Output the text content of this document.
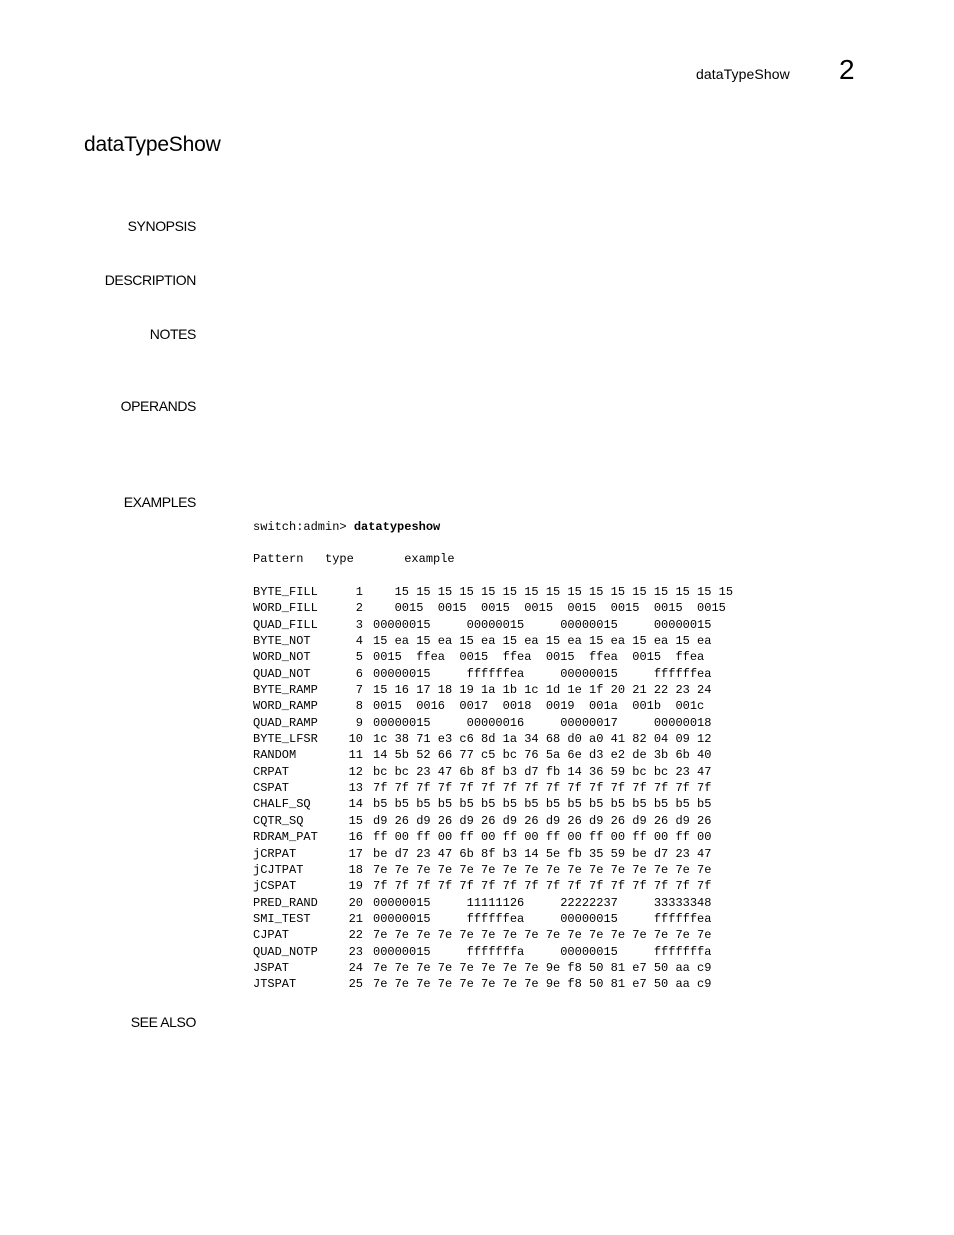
dataTypeShow 2
dataTypeShow
SYNOPSIS
DESCRIPTION
NOTES
OPERANDS
EXAMPLES
SEE ALSO
switch:admin> datatypeshow
Pattern   type       example
BYTE_FILL	1   15 15 15 15 15 15 15 15 15 15 15 15 15 15 15 15
WORD_FILL	2   0015  0015  0015  0015  0015  0015  0015  0015
QUAD_FILL	3 00000015     00000015     00000015     00000015
BYTE_NOT	4 15 ea 15 ea 15 ea 15 ea 15 ea 15 ea 15 ea 15 ea
WORD_NOT	5 0015  ffea  0015  ffea  0015  ffea  0015  ffea
QUAD_NOT	6 00000015     ffffffea     00000015     ffffffea
BYTE_RAMP	7 15 16 17 18 19 1a 1b 1c 1d 1e 1f 20 21 22 23 24
WORD_RAMP	8 0015  0016  0017  0018  0019  001a  001b  001c
QUAD_RAMP	9 00000015     00000016     00000017     00000018
BYTE_LFSR	10 1c 38 71 e3 c6 8d 1a 34 68 d0 a0 41 82 04 09 12
RANDOM	11 14 5b 52 66 77 c5 bc 76 5a 6e d3 e2 de 3b 6b 40
CRPAT	12 bc bc 23 47 6b 8f b3 d7 fb 14 36 59 bc bc 23 47
CSPAT	13 7f 7f 7f 7f 7f 7f 7f 7f 7f 7f 7f 7f 7f 7f 7f 7f
CHALF_SQ	14 b5 b5 b5 b5 b5 b5 b5 b5 b5 b5 b5 b5 b5 b5 b5 b5
CQTR_SQ	15 d9 26 d9 26 d9 26 d9 26 d9 26 d9 26 d9 26 d9 26
RDRAM_PAT	16 ff 00 ff 00 ff 00 ff 00 ff 00 ff 00 ff 00 ff 00
jCRPAT	17 be d7 23 47 6b 8f b3 14 5e fb 35 59 be d7 23 47
jCJTPAT	18 7e 7e 7e 7e 7e 7e 7e 7e 7e 7e 7e 7e 7e 7e 7e 7e
jCSPAT	19 7f 7f 7f 7f 7f 7f 7f 7f 7f 7f 7f 7f 7f 7f 7f 7f
PRED_RAND	20 00000015     11111126     22222237     33333348
SMI_TEST	21 00000015     ffffffea     00000015     ffffffea
CJPAT	22 7e 7e 7e 7e 7e 7e 7e 7e 7e 7e 7e 7e 7e 7e 7e 7e
QUAD_NOTP	23 00000015     fffffffa     00000015     fffffffa
JSPAT	24 7e 7e 7e 7e 7e 7e 7e 7e 9e f8 50 81 e7 50 aa c9
JTSPAT	25 7e 7e 7e 7e 7e 7e 7e 7e 9e f8 50 81 e7 50 aa c9
